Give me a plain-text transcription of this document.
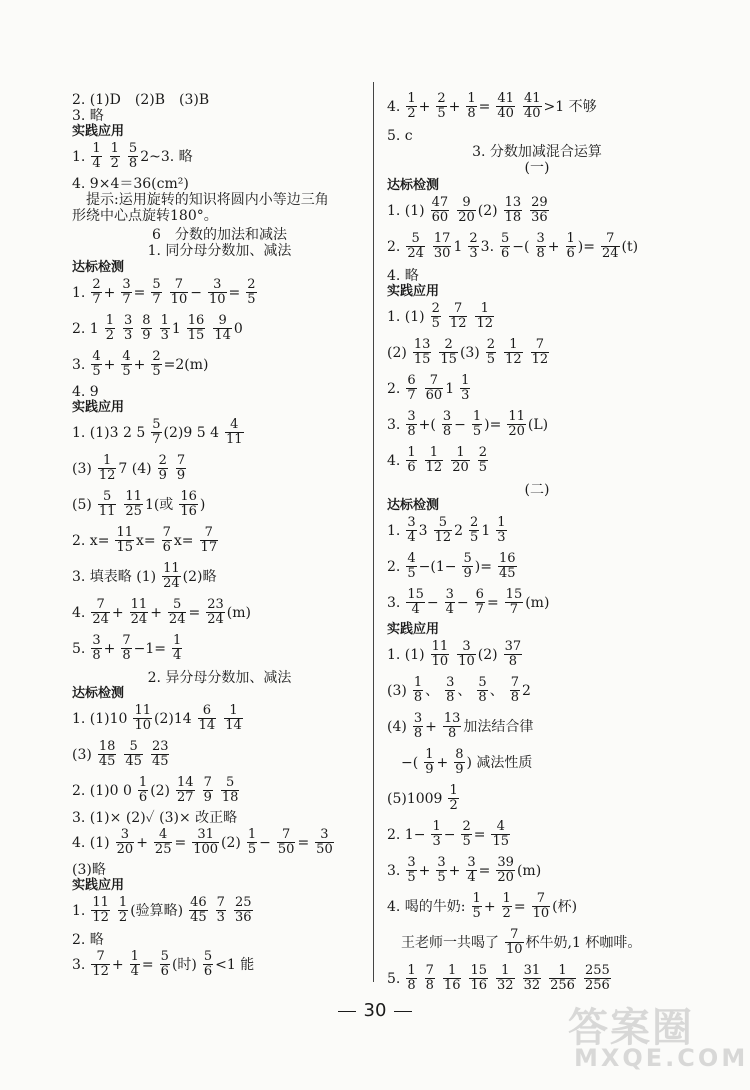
2. (1)D　(2)B　(3)B
3. 略
实践应用
1. $\frac{1}{4} \frac{1}{2} \frac{5}{8}$ 2~3. 略
4. 9×4＝36(cm²)
　提示:运用旋转的知识将圆内小等边三角
形绕中心点旋转180°。
6　分数的加法和减法
1. 同分母分数加、减法
达标检测
1. $\frac{2}{7} + \frac{3}{7} = \frac{5}{7} \frac{7}{10} - \frac{3}{10} = \frac{2}{5}$
2. $1 \frac{1}{2} \frac{3}{3} \frac{8}{9} \frac{1}{3} 1 \frac{16}{15} \frac{9}{14} 0$
3. $\frac{4}{5} + \frac{4}{5} + \frac{2}{5} =2(m)$
4. 9
实践应用
1. (1)3 2 $5 \frac{5}{7} (2)9$ 5 $4 \frac{4}{11}$
$(3) \frac{1}{12} 7$ $(4) \frac{2}{9} \frac{7}{9}$
$(5) \frac{5}{11} \frac{11}{25} 1$(或 $\frac{16}{16}$ )
2. $x= \frac{11}{15} x= \frac{7}{6} x= \frac{7}{17}$
3. 填表略 $(1) \frac{11}{24} (2)$略
4. $\frac{7}{24} + \frac{11}{24} + \frac{5}{24} = \frac{23}{24} (m)$
5. $\frac{3}{8} + \frac{7}{8} -1= \frac{1}{4}$
2. 异分母分数加、减法
达标检测
1. $(1)10 \frac{11}{10} (2)14 \frac{6}{14} \frac{1}{14}$
$(3) \frac{18}{45} \frac{5}{45} \frac{23}{45}$
2. (1)0 $0 \frac{1}{6} (2) \frac{14}{27} \frac{7}{9} \frac{5}{18}$
3. (1)× (2)✓ (3)× 改正略
4. $(1) \frac{3}{20} + \frac{4}{25} = \frac{31}{100} (2) \frac{1}{5} - \frac{7}{50} = \frac{3}{50}$
(3)略
实践应用
1. $\frac{11}{12} \frac{1}{2}$ (验算略) $\frac{46}{45} \frac{7}{3} \frac{25}{36}$
2. 略
3. $\frac{7}{12} + \frac{1}{4} = \frac{5}{6}$ (时) $\frac{5}{6} <1$ 能
4. $\frac{1}{2} + \frac{2}{5} + \frac{1}{8} = \frac{41}{40} \frac{41}{40} >1$ 不够
5. c
3. 分数加减混合运算
(一)
达标检测
1. $(1) \frac{47}{60} \frac{9}{20} (2) \frac{13}{18} \frac{29}{36}$
2. $\frac{5}{24} \frac{17}{30} 1 \frac{2}{3} 3$. $\frac{5}{6}$ −( $\frac{3}{8} + \frac{1}{6}$ )= $\frac{7}{24} (t)$
4. 略
实践应用
1. $(1) \frac{2}{5} \frac{7}{12} \frac{1}{12}$
$(2) \frac{13}{15} \frac{2}{15} (3) \frac{2}{5} \frac{1}{12} \frac{7}{12}$
2. $\frac{6}{7} \frac{7}{60} 1 \frac{1}{3}$
3. $\frac{3}{8}$ +( $\frac{3}{8} - \frac{1}{5}$ )= $\frac{11}{20} (L)$
4. $\frac{1}{6} \frac{1}{12} \frac{1}{20} \frac{2}{5}$
(二)
达标检测
1. $\frac{3}{4} 3 \frac{5}{12} 2 \frac{2}{5} 1 \frac{1}{3}$
2. $\frac{4}{5} -(1- \frac{5}{9}$ )= $\frac{16}{45}$
3. $\frac{15}{4} - \frac{3}{4} - \frac{6}{7} = \frac{15}{7} (m)$
实践应用
1. $(1) \frac{11}{10} \frac{3}{10} (2) \frac{37}{8}$
$(3) \frac{1}{8}$ 、 $\frac{3}{8}$ 、 $\frac{5}{8}$ 、 $\frac{7}{8} 2$
$(4) \frac{3}{8} + \frac{13}{8}$ 加法结合律
　−( $\frac{1}{9} + \frac{8}{9}$ ) 减法性质
$(5)1009 \frac{1}{2}$
2. $1- \frac{1}{3} - \frac{2}{5} = \frac{4}{15}$
3. $\frac{3}{5} + \frac{3}{5} + \frac{3}{4} = \frac{39}{20} (m)$
4. 喝的牛奶: $\frac{1}{5} + \frac{1}{2} = \frac{7}{10}$ (杯)
　王老师一共喝了 $\frac{7}{10}$ 杯牛奶,1 杯咖啡。
5. $\frac{1}{8} \frac{7}{8} \frac{1}{16} \frac{15}{16} \frac{1}{32} \frac{31}{32} \frac{1}{256} \frac{255}{256}$
30	答案圈
MXQE.COM
